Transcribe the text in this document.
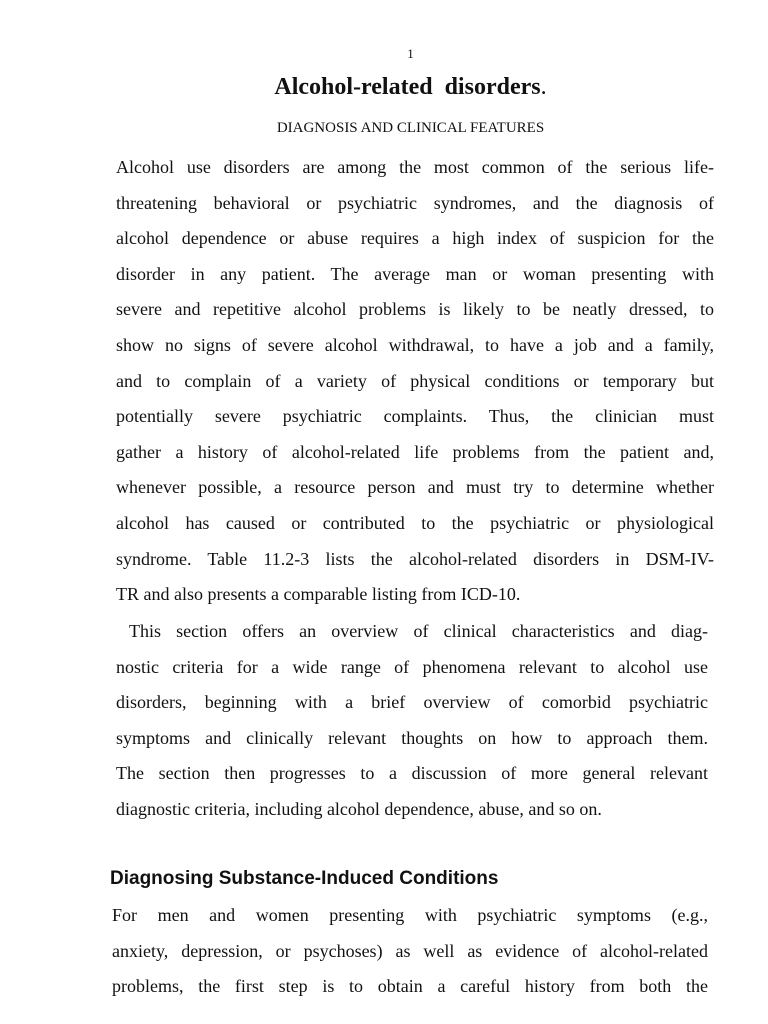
1
Alcohol-related  disorders.
DIAGNOSIS AND CLINICAL FEATURES
Alcohol use disorders are among the most common of the serious life-
threatening behavioral or psychiatric syndromes, and the diagnosis of
alcohol dependence or abuse requires a high index of suspicion for the
disorder in any patient. The average man or woman presenting with
severe and repetitive alcohol problems is likely to be neatly dressed, to
show no signs of severe alcohol withdrawal, to have a job and a family,
and to complain of a variety of physical conditions or temporary but
potentially severe psychiatric complaints. Thus, the clinician must
gather a history of alcohol-related life problems from the patient and,
whenever possible, a resource person and must try to determine whether
alcohol has caused or contributed to the psychiatric or physiological
syndrome. Table 11.2-3 lists the alcohol-related disorders in DSM-IV-
TR and also presents a comparable listing from ICD-10.
This section offers an overview of clinical characteristics and diag-
nostic criteria for a wide range of phenomena relevant to alcohol use
disorders, beginning with a brief overview of comorbid psychiatric
symptoms and clinically relevant thoughts on how to approach them.
The section then progresses to a discussion of more general relevant
diagnostic criteria, including alcohol dependence, abuse, and so on.
Diagnosing Substance-Induced Conditions
For men and women presenting with psychiatric symptoms (e.g.,
anxiety, depression, or psychoses) as well as evidence of alcohol-related
problems, the first step is to obtain a careful history from both the
